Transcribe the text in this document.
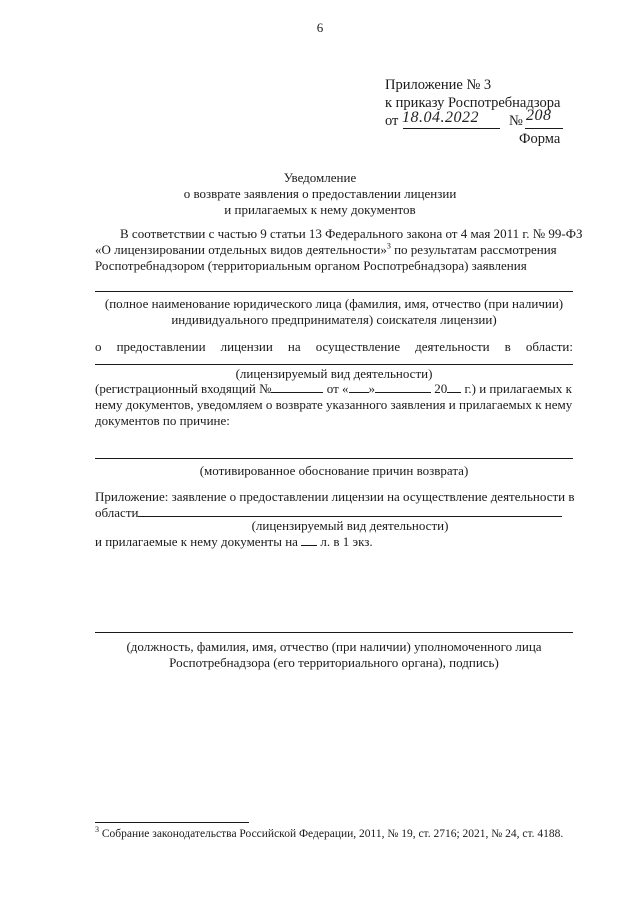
6
Приложение № 3
к приказу Роспотребнадзора
от 18.04.2022 № 208
Форма
Уведомление
о возврате заявления о предоставлении лицензии
и прилагаемых к нему документов
В соответствии с частью 9 статьи 13 Федерального закона от 4 мая 2011 г. № 99-ФЗ
«О лицензировании отдельных видов деятельности»$^3$ по результатам рассмотрения
Роспотребнадзором (территориальным органом Роспотребнадзора) заявления
(полное наименование юридического лица (фамилия, имя, отчество (при наличии)
индивидуального предпринимателя) соискателя лицензии)
о предоставлении лицензии на осуществление деятельности в области:
(лицензируемый вид деятельности)
(регистрационный входящий №	от « »	20 г.) и прилагаемых к
нему документов, уведомляем о возврате указанного заявления и прилагаемых к нему
документов по причине:
(мотивированное обоснование причин возврата)
Приложение: заявление о предоставлении лицензии на осуществление деятельности в
области
(лицензируемый вид деятельности)
и прилагаемые к нему документы на л. в 1 экз.
(должность, фамилия, имя, отчество (при наличии) уполномоченного лица
Роспотребнадзора (его территориального органа), подпись)
$^3$ Собрание законодательства Российской Федерации, 2011, № 19, ст. 2716; 2021, № 24, ст. 4188.
